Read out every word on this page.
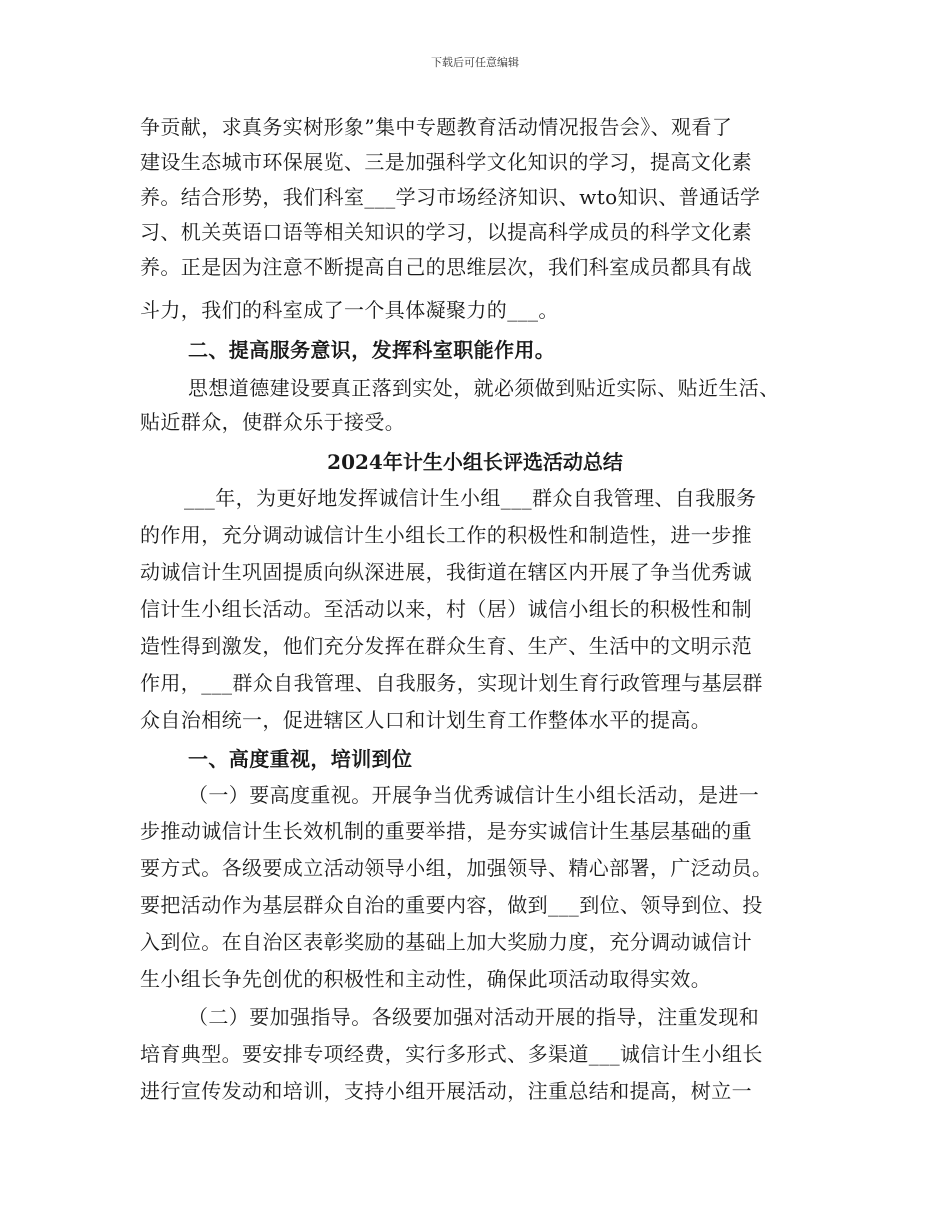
下载后可任意编辑
争贡献，求真务实树形象”集中专题教育活动情况报告会》、观看了
建设生态城市环保展览、三是加强科学文化知识的学习，提高文化素
养。结合形势，我们科室___学习市场经济知识、wto知识、普通话学
习、机关英语口语等相关知识的学习，以提高科学成员的科学文化素
养。正是因为注意不断提高自己的思维层次，我们科室成员都具有战
斗力，我们的科室成了一个具体凝聚力的___。
二、提高服务意识，发挥科室职能作用。
思想道德建设要真正落到实处，就必须做到贴近实际、贴近生活、
贴近群众，使群众乐于接受。
2024年计生小组长评选活动总结
___年，为更好地发挥诚信计生小组___群众自我管理、自我服务
的作用，充分调动诚信计生小组长工作的积极性和制造性，进一步推
动诚信计生巩固提质向纵深进展，我街道在辖区内开展了争当优秀诚
信计生小组长活动。至活动以来，村（居）诚信小组长的积极性和制
造性得到激发，他们充分发挥在群众生育、生产、生活中的文明示范
作用，___群众自我管理、自我服务，实现计划生育行政管理与基层群
众自治相统一，促进辖区人口和计划生育工作整体水平的提高。
一、高度重视，培训到位
（一）要高度重视。开展争当优秀诚信计生小组长活动，是进一
步推动诚信计生长效机制的重要举措，是夯实诚信计生基层基础的重
要方式。各级要成立活动领导小组，加强领导、精心部署，广泛动员。
要把活动作为基层群众自治的重要内容，做到___到位、领导到位、投
入到位。在自治区表彰奖励的基础上加大奖励力度，充分调动诚信计
生小组长争先创优的积极性和主动性，确保此项活动取得实效。
（二）要加强指导。各级要加强对活动开展的指导，注重发现和
培育典型。要安排专项经费，实行多形式、多渠道___诚信计生小组长
进行宣传发动和培训，支持小组开展活动，注重总结和提高，树立一
